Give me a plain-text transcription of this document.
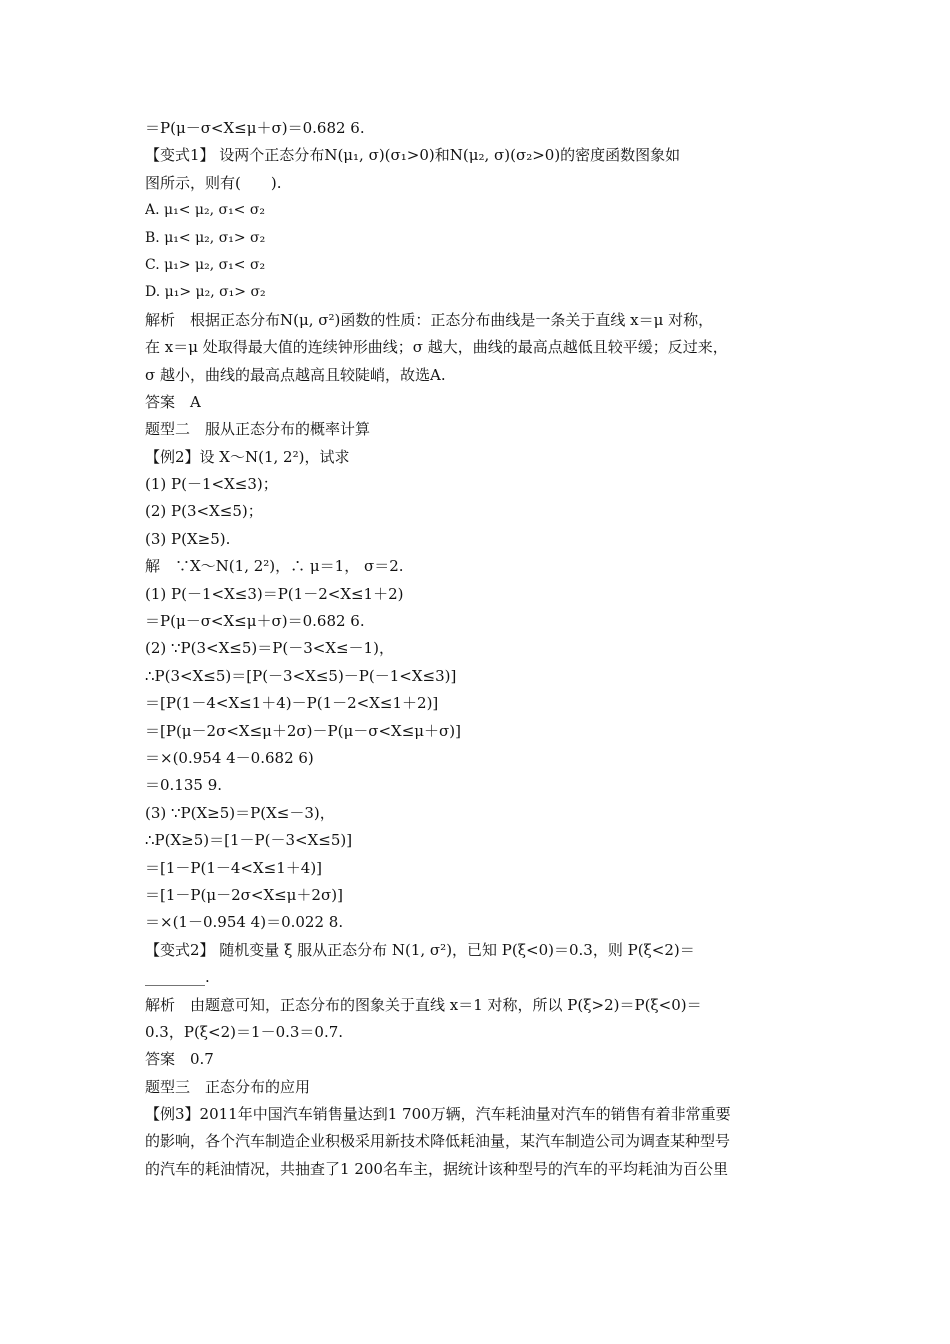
＝P(μ－σ<X≤μ＋σ)＝0.682 6.
【变式1】 设两个正态分布N(μ₁, σ)(σ₁>0)和N(μ₂, σ)(σ₂>0)的密度函数图象如
图所示，则有(　　).
A. μ₁< μ₂, σ₁< σ₂
B. μ₁< μ₂, σ₁> σ₂
C. μ₁> μ₂, σ₁< σ₂
D. μ₁> μ₂, σ₁> σ₂
解析　根据正态分布N(μ, σ²)函数的性质：正态分布曲线是一条关于直线 x＝μ 对称，
在 x＝μ 处取得最大值的连续钟形曲线；σ 越大，曲线的最高点越低且较平缓；反过来，
σ 越小，曲线的最高点越高且较陡峭，故选A.
答案　A
题型二　服从正态分布的概率计算
【例2】设 X～N(1, 2²)，试求
(1) P(－1<X≤3)；
(2) P(3<X≤5)；
(3) P(X≥5).
解　∵X～N(1, 2²)，∴ μ＝1， σ＝2.
(1) P(－1<X≤3)＝P(1－2<X≤1＋2)
＝P(μ－σ<X≤μ＋σ)＝0.682 6.
(2) ∵P(3<X≤5)＝P(－3<X≤－1)，
∴P(3<X≤5)＝[P(－3<X≤5)－P(－1<X≤3)]
＝[P(1－4<X≤1＋4)－P(1－2<X≤1＋2)]
＝[P(μ－2σ<X≤μ＋2σ)－P(μ－σ<X≤μ＋σ)]
＝×(0.954 4－0.682 6)
＝0.135 9.
(3) ∵P(X≥5)＝P(X≤－3)，
∴P(X≥5)＝[1－P(－3<X≤5)]
＝[1－P(1－4<X≤1＋4)]
＝[1－P(μ－2σ<X≤μ＋2σ)]
＝×(1－0.954 4)＝0.022 8.
【变式2】 随机变量 ξ 服从正态分布 N(1, σ²)，已知 P(ξ<0)＝0.3，则 P(ξ<2)＝
________.
解析　由题意可知，正态分布的图象关于直线 x＝1 对称，所以 P(ξ>2)＝P(ξ<0)＝
0.3，P(ξ<2)＝1－0.3＝0.7.
答案　0.7
题型三　正态分布的应用
【例3】2011年中国汽车销售量达到1 700万辆，汽车耗油量对汽车的销售有着非常重要
的影响，各个汽车制造企业积极采用新技术降低耗油量，某汽车制造公司为调查某种型号
的汽车的耗油情况，共抽查了1 200名车主，据统计该种型号的汽车的平均耗油为百公里
